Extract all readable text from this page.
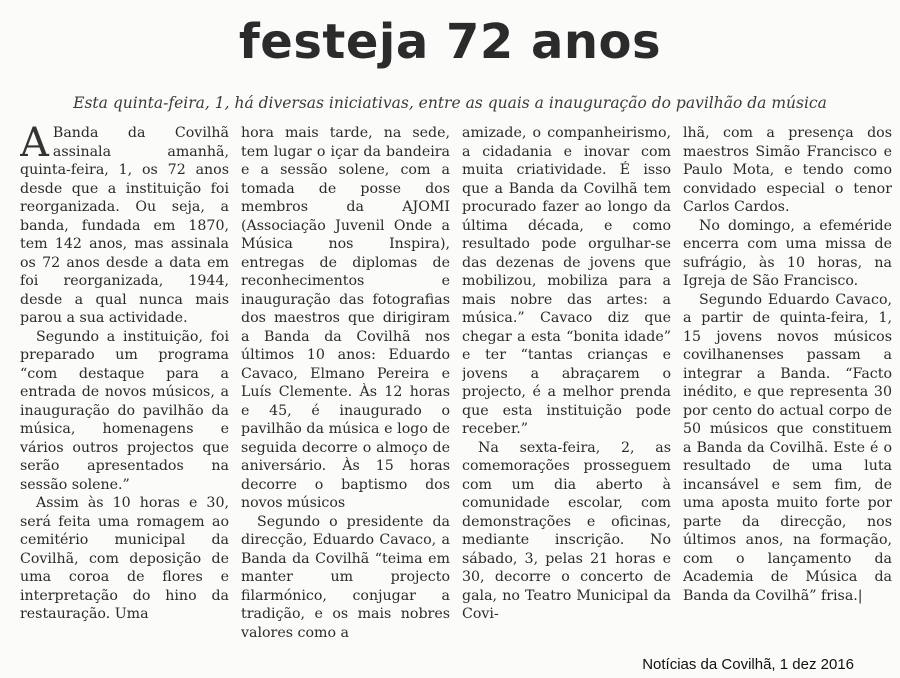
festeja 72 anos
Esta quinta-feira, 1, há diversas iniciativas, entre as quais a inauguração do pavilhão da música

A Banda da Covilhã assinala amanhã, quinta-feira, 1, os 72 anos desde que a instituição foi reorganizada. Ou seja, a banda, fundada em 1870, tem 142 anos, mas assinala os 72 anos desde a data em foi reorganizada, 1944, desde a qual nunca mais parou a sua actividade.

Segundo a instituição, foi preparado um programa “com destaque para a entrada de novos músicos, a inauguração do pavilhão da música, homenagens e vários outros projectos que serão apresentados na sessão solene.”

Assim às 10 horas e 30, será feita uma romagem ao cemitério municipal da Covilhã, com deposição de uma coroa de flores e interpretação do hino da restauração. Uma

hora mais tarde, na sede, tem lugar o içar da bandeira e a sessão solene, com a tomada de posse dos membros da AJOMI (Associação Juvenil Onde a Música nos Inspira), entregas de diplomas de reconhecimentos e inauguração das fotografias dos maestros que dirigiram a Banda da Covilhã nos últimos 10 anos: Eduardo Cavaco, Elmano Pereira e Luís Clemente. Às 12 horas e 45, é inaugurado o pavilhão da música e logo de seguida decorre o almoço de aniversário. Às 15 horas decorre o baptismo dos novos músicos

Segundo o presidente da direcção, Eduardo Cavaco, a Banda da Covilhã “teima em manter um projecto filarmónico, conjugar a tradição, e os mais nobres valores como a

amizade, o companheirismo, a cidadania e inovar com muita criatividade. É isso que a Banda da Covilhã tem procurado fazer ao longo da última década, e como resultado pode orgulhar-se das dezenas de jovens que mobilizou, mobiliza para a mais nobre das artes: a música.” Cavaco diz que chegar a esta “bonita idade” e ter “tantas crianças e jovens a abraçarem o projecto, é a melhor prenda que esta instituição pode receber.”

Na sexta-feira, 2, as comemorações prosseguem com um dia aberto à comunidade escolar, com demonstrações e oficinas, mediante inscrição. No sábado, 3, pelas 21 horas e 30, decorre o concerto de gala, no Teatro Municipal da Covi-

lhã, com a presença dos maestros Simão Francisco e Paulo Mota, e tendo como convidado especial o tenor Carlos Cardos.

No domingo, a efeméride encerra com uma missa de sufrágio, às 10 horas, na Igreja de São Francisco.

Segundo Eduardo Cavaco, a partir de quinta-feira, 1, 15 jovens novos músicos covilhanenses passam a integrar a Banda. “Facto inédito, e que representa 30 por cento do actual corpo de 50 músicos que constituem a Banda da Covilhã. Este é o resultado de uma luta incansável e sem fim, de uma aposta muito forte por parte da direcção, nos últimos anos, na formação, com o lançamento da Academia de Música da Banda da Covilhã” frisa.|

Notícias da Covilhã, 1 dez 2016
